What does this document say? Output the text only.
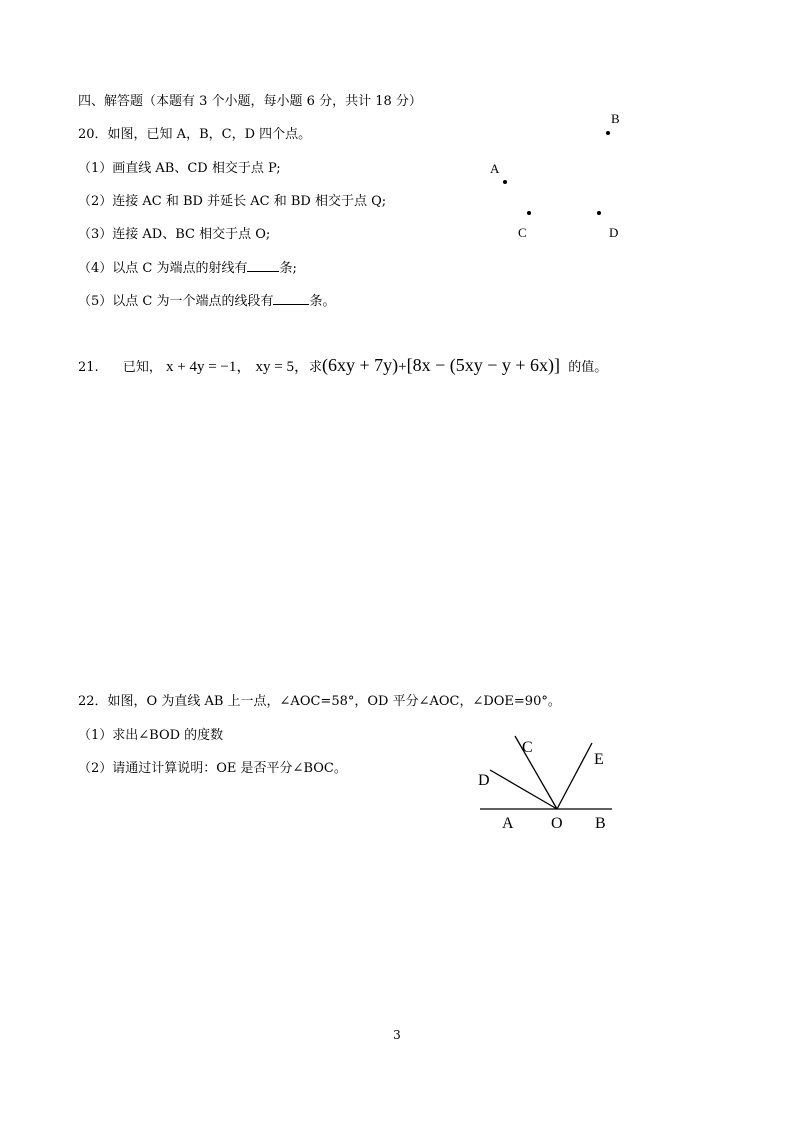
四、解答题（本题有 3 个小题，每小题 6 分，共计 18 分）
20．如图，已知 A，B，C，D 四个点。
（1）画直线 AB、CD 相交于点 P;
（2）连接 AC 和 BD 并延长 AC 和 BD 相交于点 Q;
（3）连接 AD、BC 相交于点 O;
（4）以点 C 为端点的射线有 条;
（5）以点 C 为一个端点的线段有	条。
B
A
C	D
21. 已知， x + 4y = −1， xy = 5，求(6xy + 7y)+[8x − (5xy − y + 6x)] 的值。
22．如图，O 为直线 AB 上一点，∠AOC=58°，OD 平分∠AOC，∠DOE=90°。
（1）求出∠BOD 的度数
（2）请通过计算说明：OE 是否平分∠BOC。
C
E
D
A O B
3
